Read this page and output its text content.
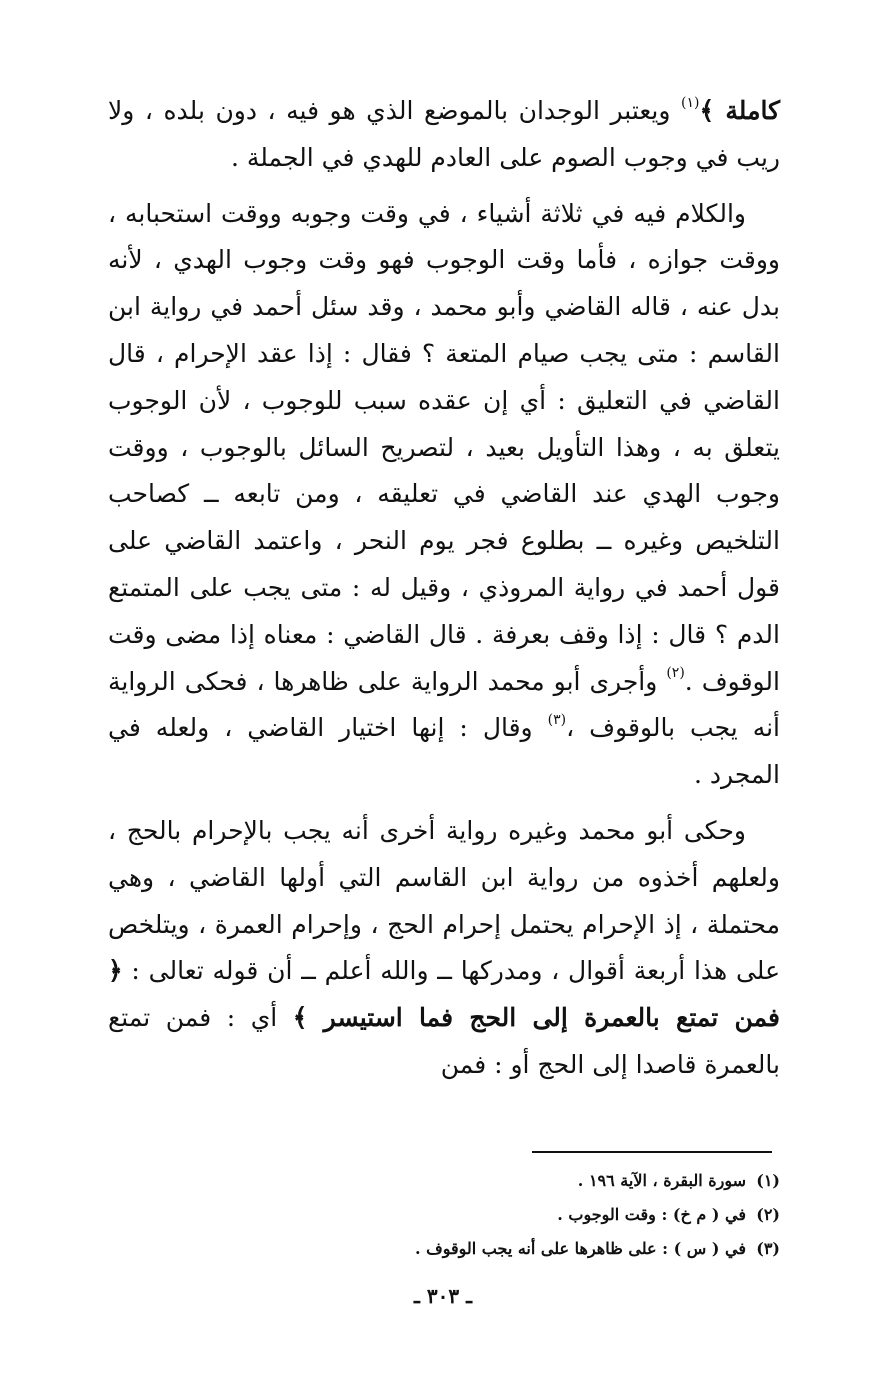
كاملة ﴾$^{(١)}$ ويعتبر الوجدان بالموضع الذي هو فيه ، دون بلده ، ولا ريب في وجوب الصوم على العادم للهدي في الجملة .

والكلام فيه في ثلاثة أشياء ، في وقت وجوبه ووقت استحبابه ، ووقت جوازه ، فأما وقت الوجوب فهو وقت وجوب الهدي ، لأنه بدل عنه ، قاله القاضي وأبو محمد ، وقد سئل أحمد في رواية ابن القاسم : متى يجب صيام المتعة ؟ فقال : إذا عقد الإحرام ، قال القاضي في التعليق : أي إن عقده سبب للوجوب ، لأن الوجوب يتعلق به ، وهذا التأويل بعيد ، لتصريح السائل بالوجوب ، ووقت وجوب الهدي عند القاضي في تعليقه ، ومن تابعه ــ كصاحب التلخيص وغيره ــ بطلوع فجر يوم النحر ، واعتمد القاضي على قول أحمد في رواية المروذي ، وقيل له : متى يجب على المتمتع الدم ؟ قال : إذا وقف بعرفة . قال القاضي : معناه إذا مضى وقت الوقوف .$^{(٢)}$ وأجرى أبو محمد الرواية على ظاهرها ، فحكى الرواية أنه يجب بالوقوف ،$^{(٣)}$ وقال : إنها اختيار القاضي ، ولعله في المجرد .

وحكى أبو محمد وغيره رواية أخرى أنه يجب بالإحرام بالحج ، ولعلهم أخذوه من رواية ابن القاسم التي أولها القاضي ، وهي محتملة ، إذ الإحرام يحتمل إحرام الحج ، وإحرام العمرة ، ويتلخص على هذا أربعة أقوال ، ومدركها ــ والله أعلم ــ أن قوله تعالى : ﴿ فمن تمتع بالعمرة إلى الحج فما استيسر ﴾ أي : فمن تمتع بالعمرة قاصدا إلى الحج أو : فمن

(١)سورة البقرة ، الآية ١٩٦ .
(٢)في ( م خ) : وقت الوجوب .
(٣)في ( س ) : على ظاهرها على أنه يجب الوقوف .
ـ ٣٠٣ ـ
